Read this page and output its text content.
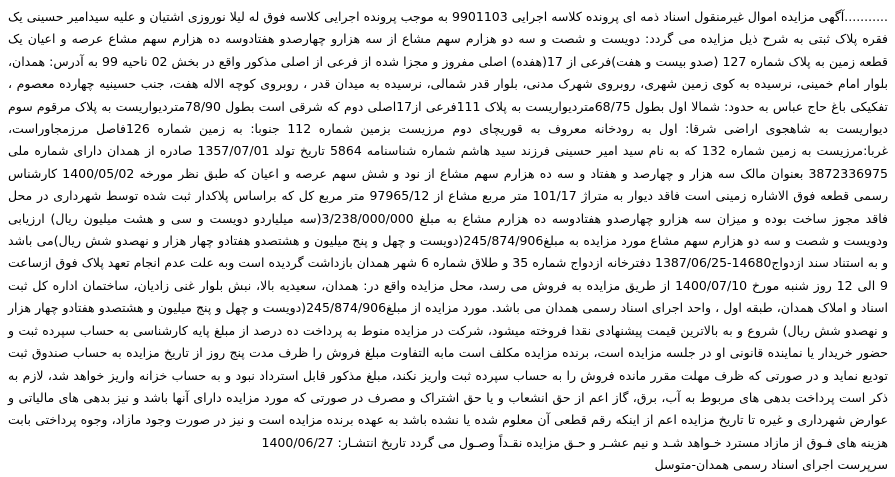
...........آگهی مزایده اموال غیرمنقول اسناد ذمه ای پرونده کلاسه اجرایی 9901103 به موجب پرونده اجرایی کلاسه فوق له لیلا نوروزی اشتیان و علیه سیدامیر حسینی یک فقره پلاک ثبتی به شرح ذیل مزایده می گردد: دویست و شصت و سه دو هزارم سهم مشاع از سه هزارو چهارصدو هفتادوسه ده هزارم سهم مشاع عرصه و اعیان یک قطعه زمین به پلاک شماره 127 (صدو بیست و هفت)فرعی از 17(هفده) اصلی مفروز و مجزا شده از فرعی از اصلی مذکور واقع در بخش 02 ناحیه 99 به آدرس: همدان، بلوار امام خمینی، نرسیده به کوی زمین شهری، روبروی شهرک مدنی، بلوار قدر شمالی، نرسیده به میدان قدر ، روبروی کوچه الاله هفت، جنب حسینیه چهارده معصوم ، تفکیکی باغ حاج عباس به حدود: شمالا اول بطول 68/75متردیواریست به پلاک 111فرعی از17اصلی دوم که شرقی است بطول 78/90متردیواریست به پلاک مرقوم سوم دیواریست به شاهجوی اراضی شرقا: اول به رودخانه معروف به قوریچای دوم مرزیست بزمین شماره 112 جنوبا: به زمین شماره 126فاصل مرزمجاوراست، غربا:مرزیست به زمین شماره 132 که به نام سید امیر حسینی فرزند سید هاشم شماره شناسنامه 5864 تاریخ تولد 1357/07/01 صادره از همدان دارای شماره ملی 3872336975 بعنوان مالک سه هزار و چهارصد و هفتاد و سه ده هزارم سهم مشاع از نود و شش سهم عرصه و اعیان که طبق نظر مورخه 1400/05/02 کارشناس رسمی قطعه فوق الاشاره زمینی است فاقد دیوار به متراژ 101/17 متر مربع مشاع از 97965/12 متر مربع کل که براساس پلاکدار ثبت شده توسط شهرداری در محل فاقد مجوز ساخت بوده و میزان سه هزارو چهارصدو هفتادوسه ده هزارم مشاع به مبلغ 3/238/000/000(سه میلیاردو دویست و سی و هشت میلیون ریال) ارزیابی ودویست و شصت و سه دو هزارم سهم مشاع مورد مزایده به مبلغ245/874/906(دویست و چهل و پنج میلیون و هشتصدو هفتادو چهار هزار و نهصدو شش ریال)می باشد و به استناد سند ازدواج14680-1387/06/25 دفترخانه ازدواج شماره 35 و طلاق شماره 6 شهر همدان بازداشت گردیده است وبه علت عدم انجام تعهد پلاک فوق ازساعت 9 الی 12 روز شنبه مورخ 1400/07/10 از طریق مزایده به فروش می رسد، محل مزایده واقع در: همدان، سعیدیه بالا، نبش بلوار غنی زادیان، ساختمان اداره کل ثبت اسناد و املاک همدان، طبقه اول ، واحد اجرای اسناد رسمی همدان می باشد. مورد مزایده از مبلغ245/874/906(دویست و چهل و پنج میلیون و هشتصدو هفتادو چهار هزار و نهصدو شش ریال) شروع و به بالاترین قیمت پیشنهادی نقدا فروخته میشود، شرکت در مزایده منوط به پرداخت ده درصد از مبلغ پایه کارشناسی به حساب سپرده ثبت و حضور خریدار یا نماینده قانونی او در جلسه مزایده است، برنده مزایده مکلف است مابه التفاوت مبلغ فروش را ظرف مدت پنج روز از تاریخ مزایده به حساب صندوق ثبت تودیع نماید و در صورتی که ظرف مهلت مقرر مانده فروش را به حساب سپرده ثبت واریز نکند، مبلغ مذکور قابل استرداد نبود و به حساب خزانه واریز خواهد شد، لازم به ذکر است پرداخت بدهی های مربوط به آب، برق، گاز اعم از حق انشعاب و یا حق اشتراک و مصرف در صورتی که مورد مزایده دارای آنها باشد و نیز بدهی های مالیاتی و عوارض شهرداری و غیره تا تاریخ مزایده اعم از اینکه رقم قطعی آن معلوم شده یا نشده باشد به عهده برنده مزایده است و نیز در صورت وجود مازاد، وجوه پرداختی بابت هزینه های فـوق از مازاد مسترد خـواهد شـد و نیم عشـر و حـق مزایده نقـداً وصـول می گردد تاریخ انتشـار: 1400/06/27

سرپرست اجرای اسناد رسمی همدان-متوسل
